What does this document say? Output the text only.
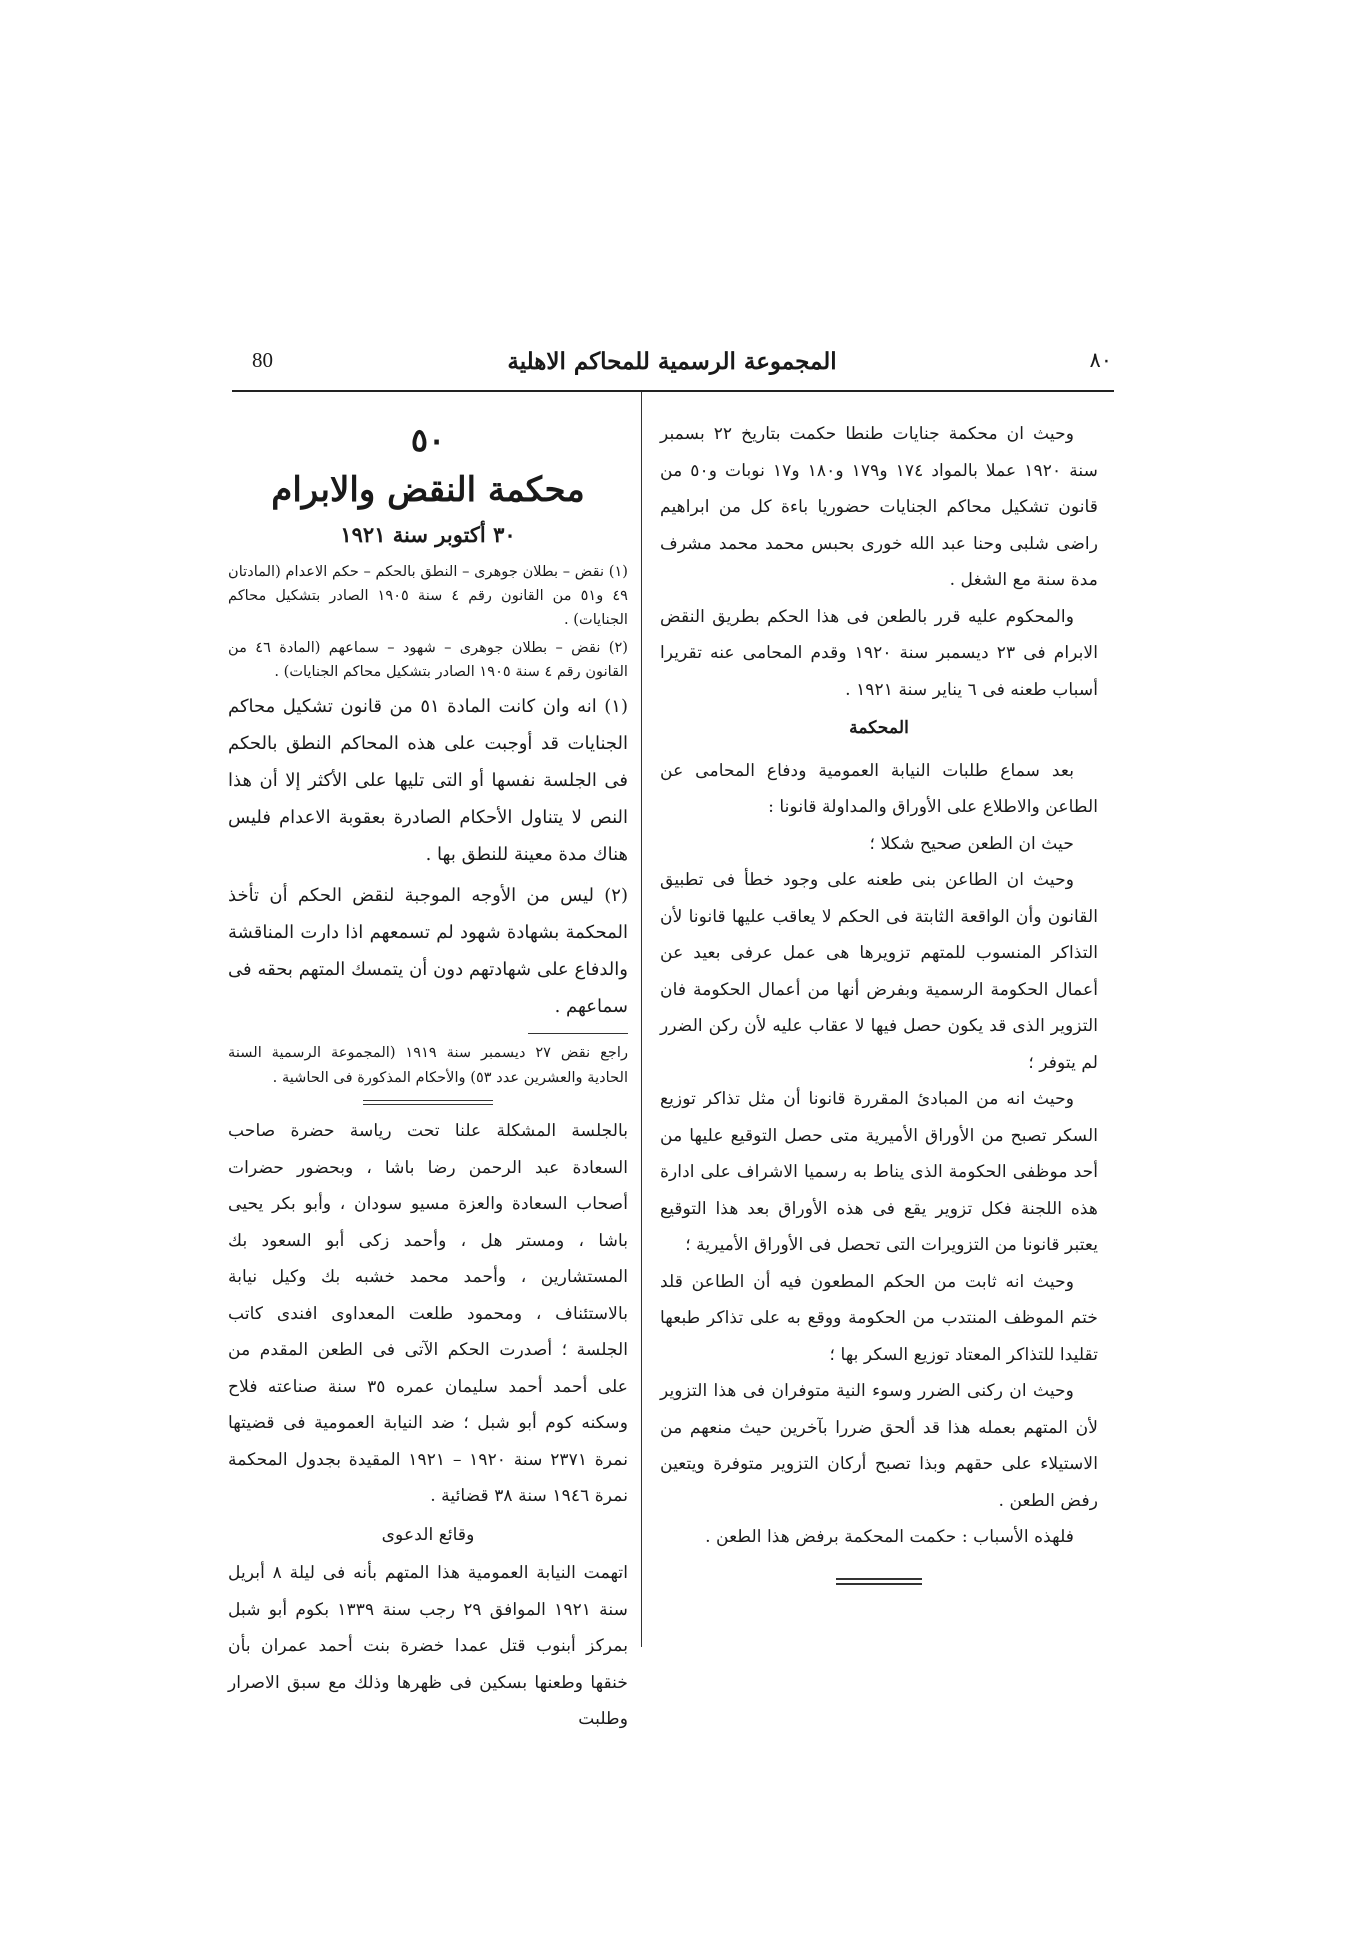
80	المجموعة الرسمية للمحاكم الاهلية	٨٠

وحيث ان محكمة جنايات طنطا حكمت بتاريخ ٢٢ بسمبر سنة ١٩٢٠ عملا بالمواد ١٧٤ و١٧٩ و١٨٠ و١٧ نوبات و٥٠ من قانون تشكيل محاكم الجنايات حضوريا باءة كل من ابراهيم راضى شلبى وحنا عبد الله خورى بحبس محمد محمد مشرف مدة سنة مع الشغل .

والمحكوم عليه قرر بالطعن فى هذا الحكم بطريق النقض الابرام فى ٢٣ ديسمبر سنة ١٩٢٠ وقدم المحامى عنه تقريرا أسباب طعنه فى ٦ يناير سنة ١٩٢١ .

المحكمة

بعد سماع طلبات النيابة العمومية ودفاع المحامى عن الطاعن والاطلاع على الأوراق والمداولة قانونا :

حيث ان الطعن صحيح شكلا ؛

وحيث ان الطاعن بنى طعنه على وجود خطأ فى تطبيق القانون وأن الواقعة الثابتة فى الحكم لا يعاقب عليها قانونا لأن التذاكر المنسوب للمتهم تزويرها هى عمل عرفى بعيد عن أعمال الحكومة الرسمية وبفرض أنها من أعمال الحكومة فان التزوير الذى قد يكون حصل فيها لا عقاب عليه لأن ركن الضرر لم يتوفر ؛

وحيث انه من المبادئ المقررة قانونا أن مثل تذاكر توزيع السكر تصبح من الأوراق الأميرية متى حصل التوقيع عليها من أحد موظفى الحكومة الذى يناط به رسميا الاشراف على ادارة هذه اللجنة فكل تزوير يقع فى هذه الأوراق بعد هذا التوقيع يعتبر قانونا من التزويرات التى تحصل فى الأوراق الأميرية ؛

وحيث انه ثابت من الحكم المطعون فيه أن الطاعن قلد ختم الموظف المنتدب من الحكومة ووقع به على تذاكر طبعها تقليدا للتذاكر المعتاد توزيع السكر بها ؛

وحيث ان ركنى الضرر وسوء النية متوفران فى هذا التزوير لأن المتهم بعمله هذا قد ألحق ضررا بآخرين حيث منعهم من الاستيلاء على حقهم وبذا تصبح أركان التزوير متوفرة ويتعين رفض الطعن .

فلهذه الأسباب : حكمت المحكمة برفض هذا الطعن .

٥٠
محكمة النقض والابرام
٣٠ أكتوبر سنة ١٩٢١

(١) نقض – بطلان جوهرى – النطق بالحكم – حكم الاعدام (المادتان ٤٩ و٥١ من القانون رقم ٤ سنة ١٩٠٥ الصادر بتشكيل محاكم الجنايات) .

(٢) نقض – بطلان جوهرى – شهود – سماعهم (المادة ٤٦ من القانون رقم ٤ سنة ١٩٠٥ الصادر بتشكيل محاكم الجنايات) .

(١) انه وان كانت المادة ٥١ من قانون تشكيل محاكم الجنايات قد أوجبت على هذه المحاكم النطق بالحكم فى الجلسة نفسها أو التى تليها على الأكثر إلا أن هذا النص لا يتناول الأحكام الصادرة بعقوبة الاعدام فليس هناك مدة معينة للنطق بها .

(٢) ليس من الأوجه الموجبة لنقض الحكم أن تأخذ المحكمة بشهادة شهود لم تسمعهم اذا دارت المناقشة والدفاع على شهادتهم دون أن يتمسك المتهم بحقه فى سماعهم .

راجع نقض ٢٧ ديسمبر سنة ١٩١٩ (المجموعة الرسمية السنة الحادية والعشرين عدد ٥٣) والأحكام المذكورة فى الحاشية .

بالجلسة المشكلة علنا تحت رياسة حضرة صاحب السعادة عبد الرحمن رضا باشا ، وبحضور حضرات أصحاب السعادة والعزة مسيو سودان ، وأبو بكر يحيى باشا ، ومستر هل ، وأحمد زكى أبو السعود بك المستشارين ، وأحمد محمد خشبه بك وكيل نيابة بالاستئناف ، ومحمود طلعت المعداوى افندى كاتب الجلسة ؛ أصدرت الحكم الآتى فى الطعن المقدم من على أحمد أحمد سليمان عمره ٣٥ سنة صناعته فلاح وسكنه كوم أبو شبل ؛ ضد النيابة العمومية فى قضيتها نمرة ٢٣٧١ سنة ١٩٢٠ – ١٩٢١ المقيدة بجدول المحكمة نمرة ١٩٤٦ سنة ٣٨ قضائية .

وقائع الدعوى

اتهمت النيابة العمومية هذا المتهم بأنه فى ليلة ٨ أبريل سنة ١٩٢١ الموافق ٢٩ رجب سنة ١٣٣٩ بكوم أبو شبل بمركز أبنوب قتل عمدا خضرة بنت أحمد عمران بأن خنقها وطعنها بسكين فى ظهرها وذلك مع سبق الاصرار وطلبت
